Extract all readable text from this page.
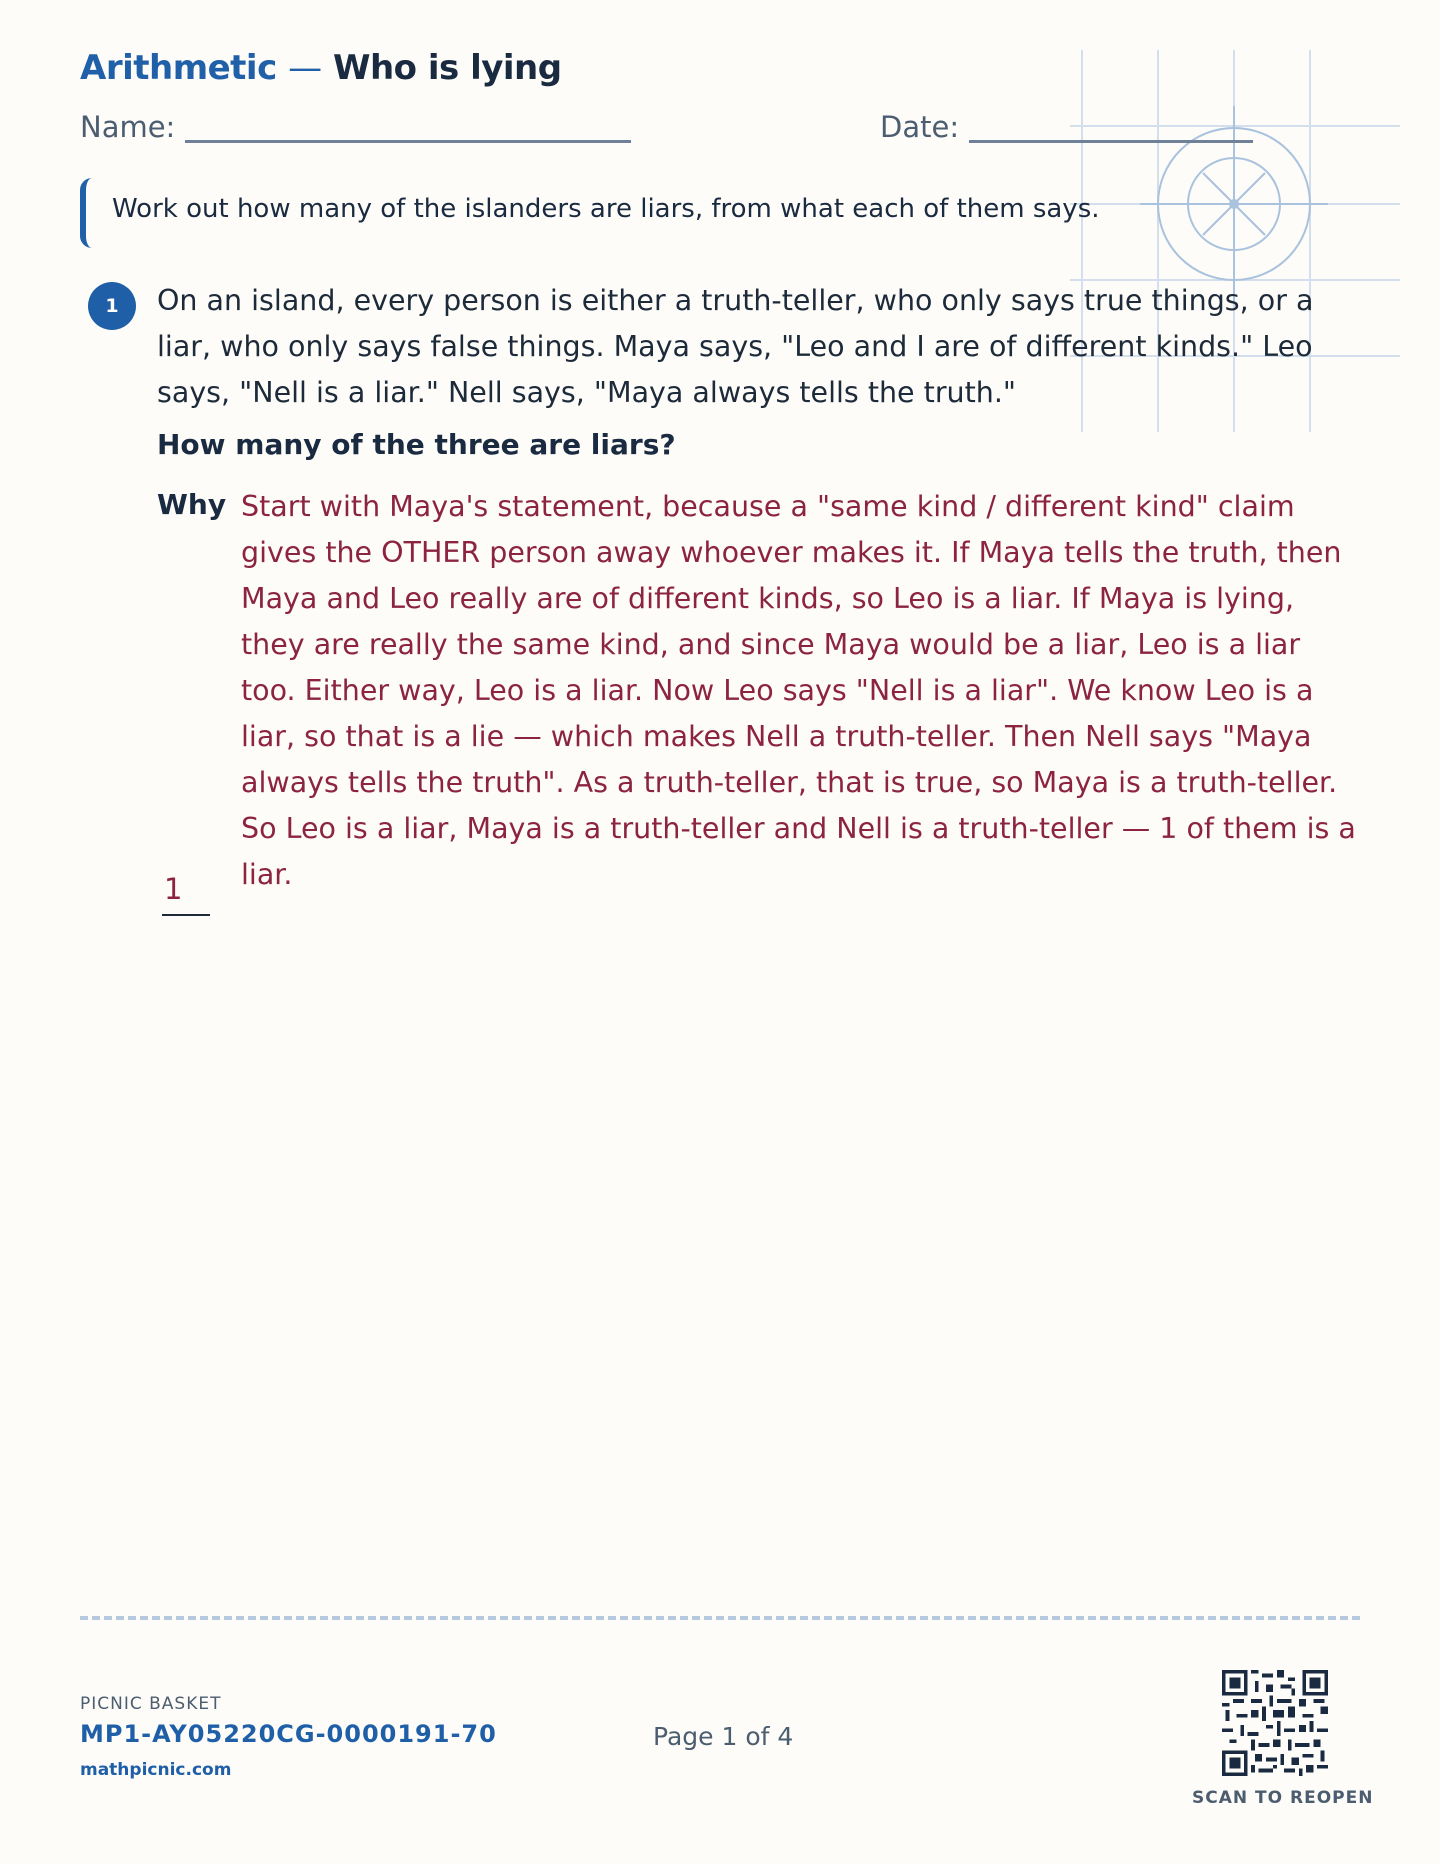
Arithmetic — Who is lying
Name:	Date:
Work out how many of the islanders are liars, from what each of them says.
1	On an island, every person is either a truth-teller, who only says true things, or a liar, who only says false things. Maya says, "Leo and I are of different kinds." Leo says, "Nell is a liar." Nell says, "Maya always tells the truth."

How many of the three are liars?
Why Start with Maya's statement, because a "same kind / different kind" claim gives the OTHER person away whoever makes it. If Maya tells the truth, then Maya and Leo really are of different kinds, so Leo is a liar. If Maya is lying, they are really the same kind, and since Maya would be a liar, Leo is a liar too. Either way, Leo is a liar. Now Leo says "Nell is a liar". We know Leo is a liar, so that is a lie — which makes Nell a truth-teller. Then Nell says "Maya always tells the truth". As a truth-teller, that is true, so Maya is a truth-teller. So Leo is a liar, Maya is a truth-teller and Nell is a truth-teller — 1 of them is a liar.

1
PICNIC BASKET
MP1-AY05220CG-0000191-70
mathpicnic.com
Page 1 of 4
SCAN TO REOPEN
